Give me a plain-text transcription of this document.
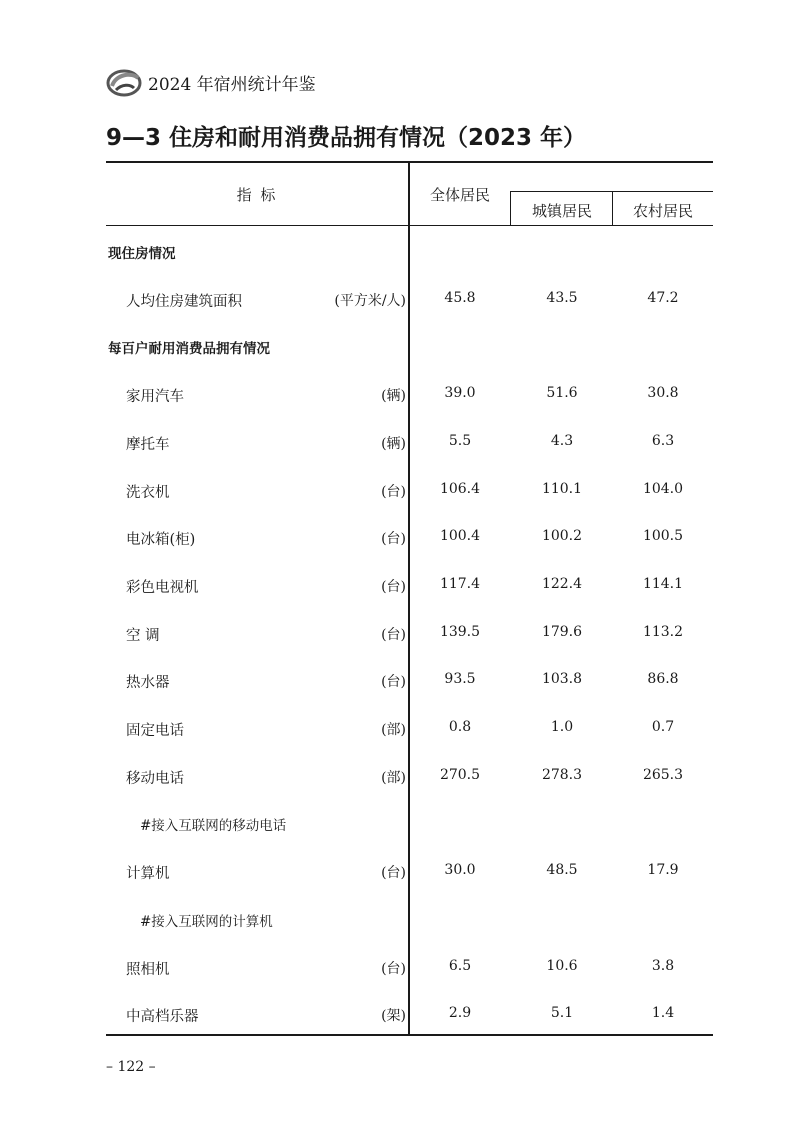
2024 年宿州统计年鉴
9—3 住房和耐用消费品拥有情况（2023 年）
指 标	全体居民
城镇居民	农村居民
现住房情况
人均住房建筑面积	(平方米/人)	45.8	43.5	47.2
每百户耐用消费品拥有情况
家用汽车	(辆)	39.0	51.6	30.8
摩托车	(辆)	5.5	4.3	6.3
洗衣机	(台)	106.4	110.1	104.0
电冰箱(柜)	(台)	100.4	100.2	100.5
彩色电视机	(台)	117.4	122.4	114.1
空 调	(台)	139.5	179.6	113.2
热水器	(台)	93.5	103.8	86.8
固定电话	(部)	0.8	1.0	0.7
移动电话	(部)	270.5	278.3	265.3
#接入互联网的移动电话
计算机	(台)	30.0	48.5	17.9
#接入互联网的计算机
照相机	(台)	6.5	10.6	3.8
中高档乐器	(架)	2.9	5.1	1.4
– 122 –
